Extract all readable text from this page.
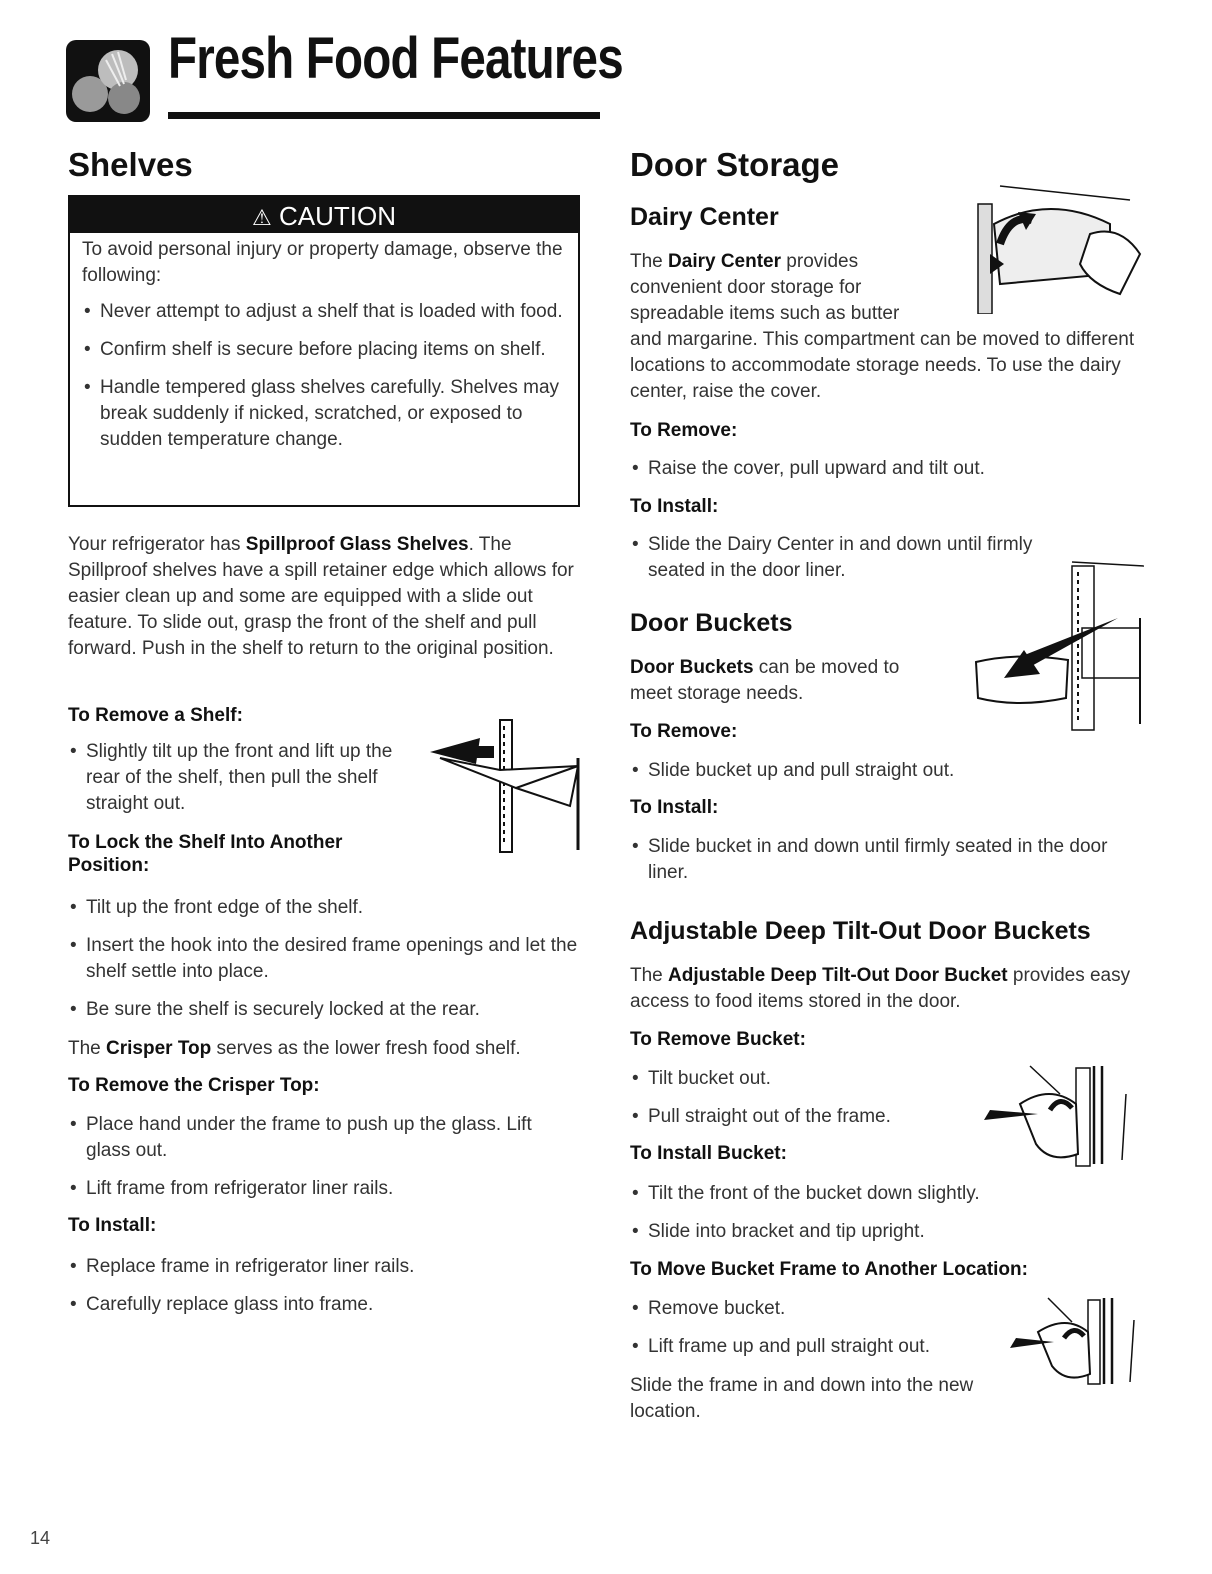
Fresh Food Features
Shelves
⚠ CAUTION
To avoid personal injury or property damage, observe the following:
• Never attempt to adjust a shelf that is loaded with food.
• Confirm shelf is secure before placing items on shelf.
• Handle tempered glass shelves carefully. Shelves may break suddenly if nicked, scratched, or exposed to sudden temperature change.
Your refrigerator has Spillproof Glass Shelves. The Spillproof shelves have a spill retainer edge which allows for easier clean up and some are equipped with a slide out feature. To slide out, grasp the front of the shelf and pull forward. Push in the shelf to return to the original position.
To Remove a Shelf:
• Slightly tilt up the front and lift up the rear of the shelf, then pull the shelf straight out.
To Lock the Shelf Into Another Position:
• Tilt up the front edge of the shelf.
• Insert the hook into the desired frame openings and let the shelf settle into place.
• Be sure the shelf is securely locked at the rear.
The Crisper Top serves as the lower fresh food shelf.
To Remove the Crisper Top:
• Place hand under the frame to push up the glass. Lift glass out.
• Lift frame from refrigerator liner rails.
To Install:
• Replace frame in refrigerator liner rails.
• Carefully replace glass into frame.
Door Storage
Dairy Center
The Dairy Center provides
convenient door storage for
spreadable items such as butter
and margarine. This compartment can be moved to different locations to accommodate storage needs. To use the dairy center, raise the cover.
To Remove:
• Raise the cover, pull upward and tilt out.
To Install:
• Slide the Dairy Center in and down until firmly seated in the door liner.
Door Buckets
Door Buckets can be moved to meet storage needs.
To Remove:
• Slide bucket up and pull straight out.
To Install:
• Slide bucket in and down until firmly seated in the door liner.
Adjustable Deep Tilt-Out Door Buckets
The Adjustable Deep Tilt-Out Door Bucket provides easy access to food items stored in the door.
To Remove Bucket:
• Tilt bucket out.
• Pull straight out of the frame.
To Install Bucket:
• Tilt the front of the bucket down slightly.
• Slide into bracket and tip upright.
To Move Bucket Frame to Another Location:
• Remove bucket.
• Lift frame up and pull straight out.
Slide the frame in and down into the new location.
14
